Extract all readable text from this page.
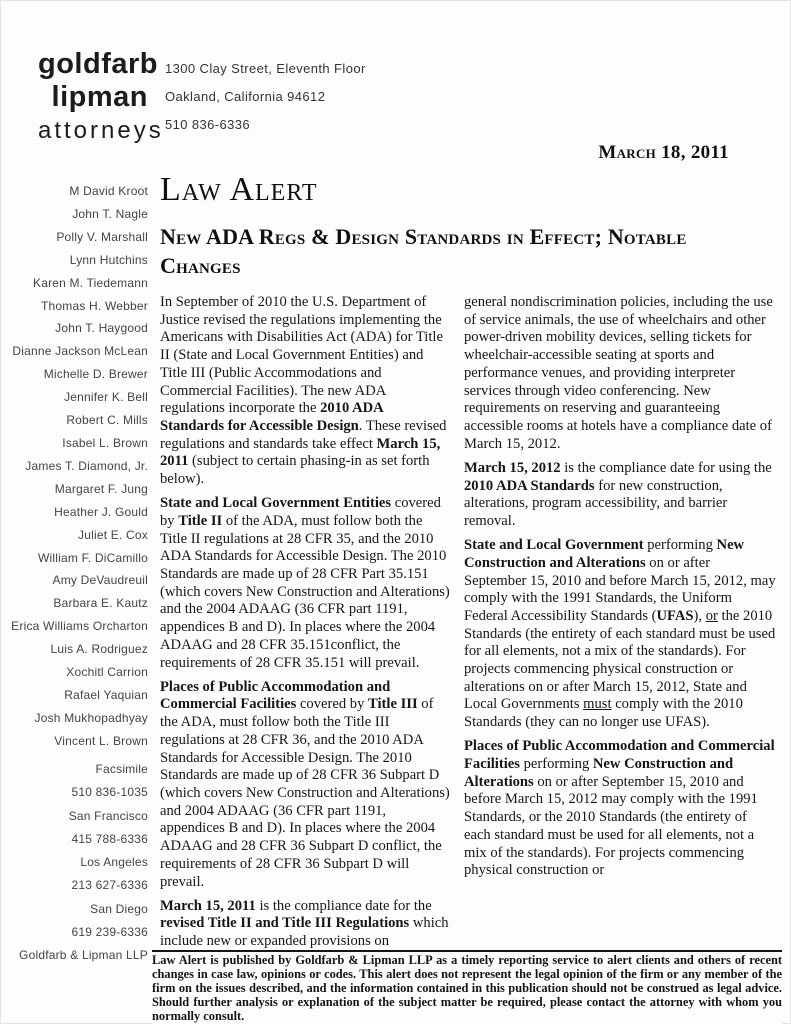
goldfarb
lipman
attorneys
1300 Clay Street, Eleventh Floor
Oakland, California 94612
510 836-6336
March 18, 2011
M David Kroot
John T. Nagle
Polly V. Marshall
Lynn Hutchins
Karen M. Tiedemann
Thomas H. Webber
John T. Haygood
Dianne Jackson McLean
Michelle D. Brewer
Jennifer K. Bell
Robert C. Mills
Isabel L. Brown
James T. Diamond, Jr.
Margaret F. Jung
Heather J. Gould
Juliet E. Cox
William F. DiCamillo
Amy DeVaudreuil
Barbara E. Kautz
Erica Williams Orcharton
Luis A. Rodriguez
Xochitl Carrion
Rafael Yaquian
Josh Mukhopadhyay
Vincent L. Brown
Facsimile
510 836-1035
San Francisco
415 788-6336
Los Angeles
213 627-6336
San Diego
619 239-6336
Goldfarb & Lipman LLP
Law Alert
New ADA Regs & Design Standards in Effect; Notable Changes

In September of 2010 the U.S. Department of Justice revised the regulations implementing the Americans with Disabilities Act (ADA) for Title II (State and Local Government Entities) and Title III (Public Accommodations and Commercial Facilities). The new ADA regulations incorporate the 2010 ADA Standards for Accessible Design. These revised regulations and standards take effect March 15, 2011 (subject to certain phasing-in as set forth below).

State and Local Government Entities covered by Title II of the ADA, must follow both the Title II regulations at 28 CFR 35, and the 2010 ADA Standards for Accessible Design. The 2010 Standards are made up of 28 CFR Part 35.151 (which covers New Construction and Alterations) and the 2004 ADAAG (36 CFR part 1191, appendices B and D). In places where the 2004 ADAAG and 28 CFR 35.151conflict, the requirements of 28 CFR 35.151 will prevail.

Places of Public Accommodation and Commercial Facilities covered by Title III of the ADA, must follow both the Title III regulations at 28 CFR 36, and the 2010 ADA Standards for Accessible Design. The 2010 Standards are made up of 28 CFR 36 Subpart D (which covers New Construction and Alterations) and 2004 ADAAG (36 CFR part 1191, appendices B and D). In places where the 2004 ADAAG and 28 CFR 36 Subpart D conflict, the requirements of 28 CFR 36 Subpart D will prevail.

March 15, 2011 is the compliance date for the revised Title II and Title III Regulations which include new or expanded provisions on

general nondiscrimination policies, including the use of service animals, the use of wheelchairs and other power-driven mobility devices, selling tickets for wheelchair-accessible seating at sports and performance venues, and providing interpreter services through video conferencing. New requirements on reserving and guaranteeing accessible rooms at hotels have a compliance date of March 15, 2012.

March 15, 2012 is the compliance date for using the 2010 ADA Standards for new construction, alterations, program accessibility, and barrier removal.

State and Local Government performing New Construction and Alterations on or after September 15, 2010 and before March 15, 2012, may comply with the 1991 Standards, the Uniform Federal Accessibility Standards (UFAS), or the 2010 Standards (the entirety of each standard must be used for all elements, not a mix of the standards). For projects commencing physical construction or alterations on or after March 15, 2012, State and Local Governments must comply with the 2010 Standards (they can no longer use UFAS).

Places of Public Accommodation and Commercial Facilities performing New Construction and Alterations on or after September 15, 2010 and before March 15, 2012 may comply with the 1991 Standards, or the 2010 Standards (the entirety of each standard must be used for all elements, not a mix of the standards). For projects commencing physical construction or

Law Alert is published by Goldfarb & Lipman LLP as a timely reporting service to alert clients and others of recent changes in case law, opinions or codes. This alert does not represent the legal opinion of the firm or any member of the firm on the issues described, and the information contained in this publication should not be construed as legal advice. Should further analysis or explanation of the subject matter be required, please contact the attorney with whom you normally consult.
